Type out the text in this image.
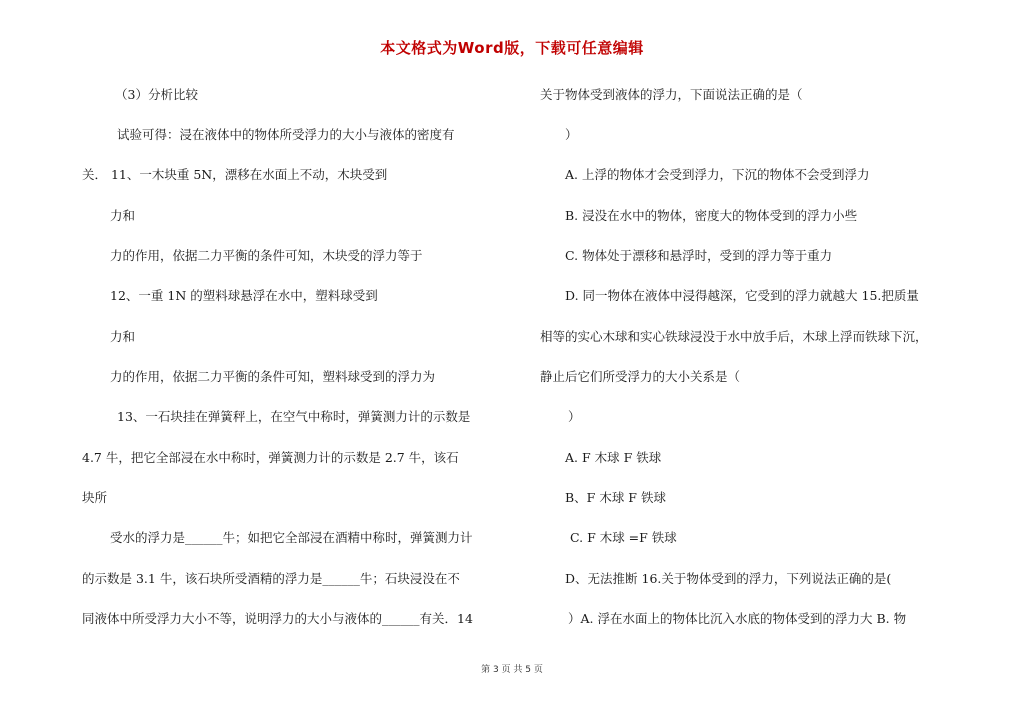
本文格式为Word版，下载可任意编辑
（3）分析比较
试验可得：浸在液体中的物体所受浮力的大小与液体的密度有
关． 11、一木块重 5N，漂移在水面上不动，木块受到
力和
力的作用，依据二力平衡的条件可知，木块受的浮力等于
12、一重 1N 的塑料球悬浮在水中，塑料球受到
力和
力的作用，依据二力平衡的条件可知，塑料球受到的浮力为
13、一石块挂在弹簧秤上，在空气中称时，弹簧测力计的示数是
4.7 牛，把它全部浸在水中称时，弹簧测力计的示数是 2.7 牛，该石
块所
受水的浮力是______牛；如把它全部浸在酒精中称时，弹簧测力计
的示数是 3.1 牛，该石块所受酒精的浮力是______牛；石块浸没在不
同液体中所受浮力大小不等，说明浮力的大小与液体的______有关．14
关于物体受到液体的浮力，下面说法正确的是（
）
A. 上浮的物体才会受到浮力，下沉的物体不会受到浮力
B. 浸没在水中的物体，密度大的物体受到的浮力小些
C. 物体处于漂移和悬浮时，受到的浮力等于重力
D. 同一物体在液体中浸得越深，它受到的浮力就越大 15.把质量
相等的实心木球和实心铁球浸没于水中放手后，木球上浮而铁球下沉，
静止后它们所受浮力的大小关系是（
）
A. F 木球 F 铁球
B、F 木球 F 铁球
C. F 木球 =F 铁球
D、无法推断 16.关于物体受到的浮力，下列说法正确的是(
）A. 浮在水面上的物体比沉入水底的物体受到的浮力大 B. 物
第 3 页 共 5 页
